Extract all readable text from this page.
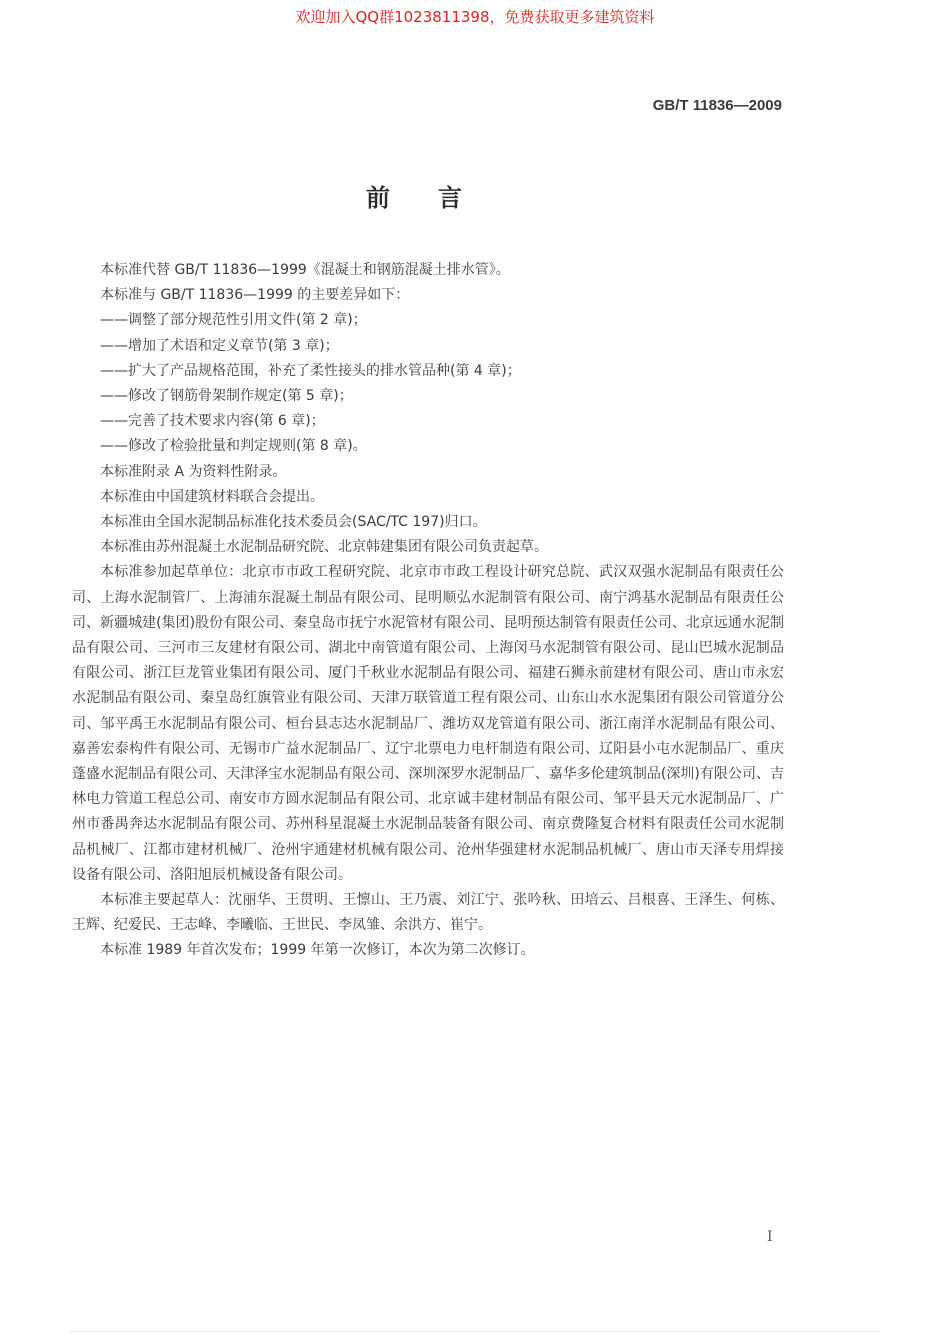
欢迎加入QQ群1023811398，免费获取更多建筑资料
GB/T 11836—2009
前言

本标准代替 GB/T 11836—1999《混凝土和钢筋混凝土排水管》。

本标准与 GB/T 11836—1999 的主要差异如下：

——调整了部分规范性引用文件(第 2 章)；

——增加了术语和定义章节(第 3 章)；

——扩大了产品规格范围，补充了柔性接头的排水管品种(第 4 章)；

——修改了钢筋骨架制作规定(第 5 章)；

——完善了技术要求内容(第 6 章)；

——修改了检验批量和判定规则(第 8 章)。

本标准附录 A 为资料性附录。

本标准由中国建筑材料联合会提出。

本标准由全国水泥制品标准化技术委员会(SAC/TC 197)归口。

本标准由苏州混凝土水泥制品研究院、北京韩建集团有限公司负责起草。

本标准参加起草单位：北京市市政工程研究院、北京市市政工程设计研究总院、武汉双强水泥制品有限责任公司、上海水泥制管厂、上海浦东混凝土制品有限公司、昆明顺弘水泥制管有限公司、南宁鸿基水泥制品有限责任公司、新疆城建(集团)股份有限公司、秦皇岛市抚宁水泥管材有限公司、昆明预达制管有限责任公司、北京远通水泥制品有限公司、三河市三友建材有限公司、湖北中南管道有限公司、上海闵马水泥制管有限公司、昆山巴城水泥制品有限公司、浙江巨龙管业集团有限公司、厦门千秋业水泥制品有限公司、福建石狮永前建材有限公司、唐山市永宏水泥制品有限公司、秦皇岛红旗管业有限公司、天津万联管道工程有限公司、山东山水水泥集团有限公司管道分公司、邹平禹王水泥制品有限公司、桓台县志达水泥制品厂、潍坊双龙管道有限公司、浙江南洋水泥制品有限公司、嘉善宏泰构件有限公司、无锡市广益水泥制品厂、辽宁北票电力电杆制造有限公司、辽阳县小屯水泥制品厂、重庆蓬盛水泥制品有限公司、天津泽宝水泥制品有限公司、深圳深罗水泥制品厂、嘉华多伦建筑制品(深圳)有限公司、吉林电力管道工程总公司、南安市方圆水泥制品有限公司、北京诚丰建材制品有限公司、邹平县天元水泥制品厂、广州市番禺奔达水泥制品有限公司、苏州科星混凝土水泥制品装备有限公司、南京费隆复合材料有限责任公司水泥制品机械厂、江都市建材机械厂、沧州宇通建材机械有限公司、沧州华强建材水泥制品机械厂、唐山市天泽专用焊接设备有限公司、洛阳旭辰机械设备有限公司。

本标准主要起草人：沈丽华、王贯明、王懔山、王乃震、刘江宁、张吟秋、田培云、吕根喜、王泽生、何栋、王辉、纪爱民、王志峰、李曦临、王世民、李凤雏、余洪方、崔宁。

本标准 1989 年首次发布；1999 年第一次修订，本次为第二次修订。

I
